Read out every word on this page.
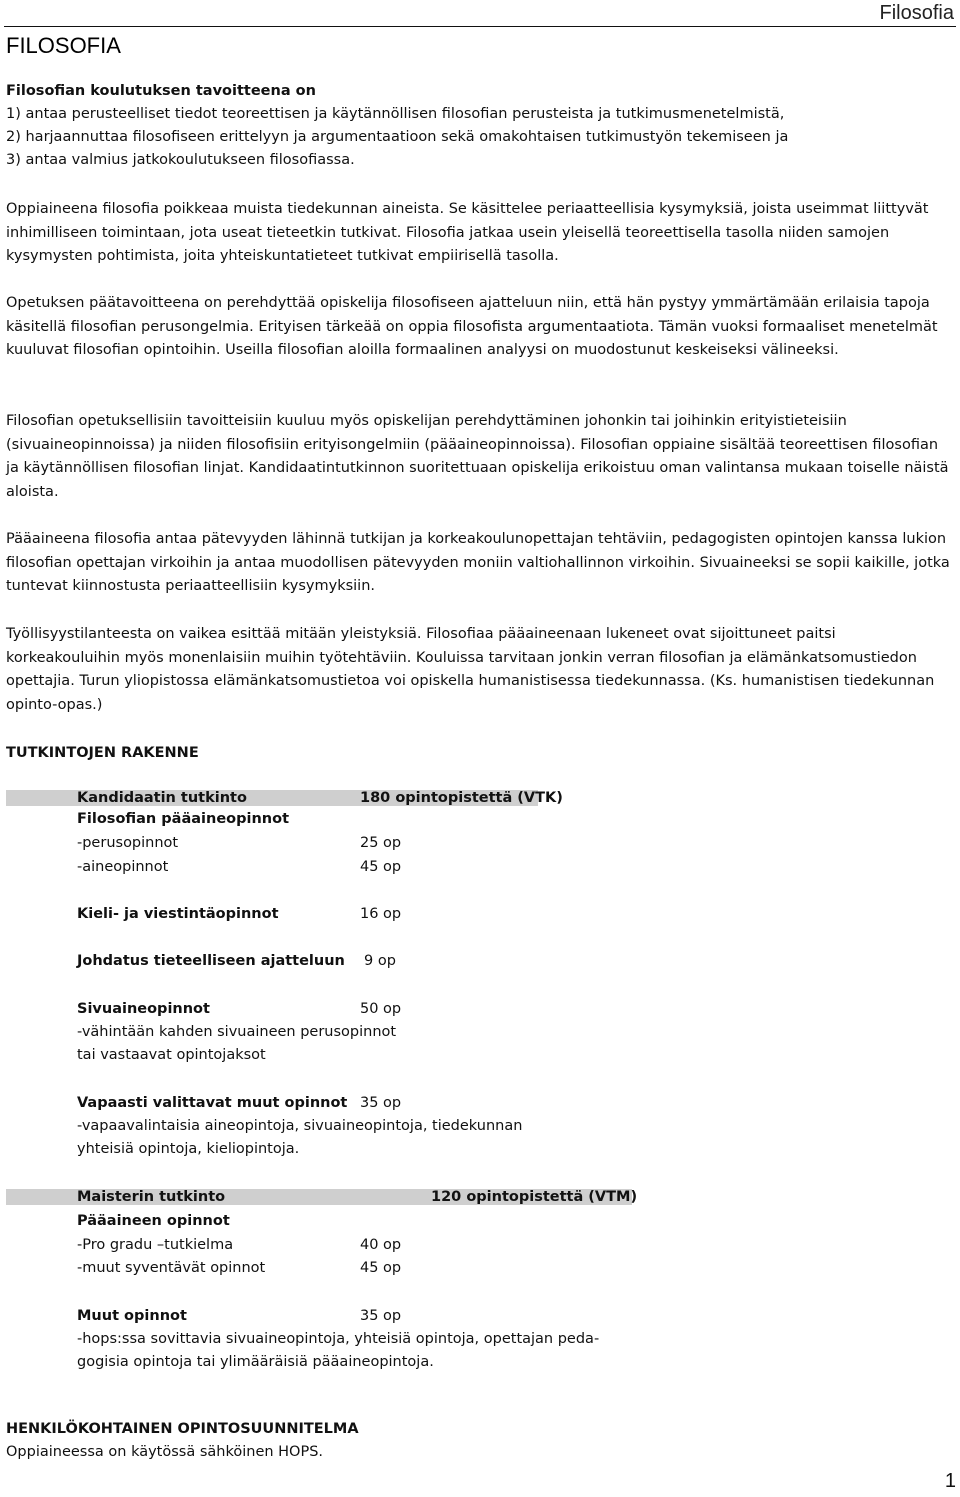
Filosofia
FILOSOFIA
Filosofian koulutuksen tavoitteena on
1) antaa perusteelliset tiedot teoreettisen ja käytännöllisen filosofian perusteista ja tutkimusmenetelmistä,
2) harjaannuttaa filosofiseen erittelyyn ja argumentaatioon sekä omakohtaisen tutkimustyön tekemiseen ja
3) antaa valmius jatkokoulutukseen filosofiassa.

Oppiaineena filosofia poikkeaa muista tiedekunnan aineista. Se käsittelee periaatteellisia kysymyksiä, joista useimmat liittyvät inhimilliseen toimintaan, jota useat tieteetkin tutkivat. Filosofia jatkaa usein yleisellä teoreettisella tasolla niiden samojen kysymysten pohtimista, joita yhteiskuntatieteet tutkivat empiirisellä tasolla.

Opetuksen päätavoitteena on perehdyttää opiskelija filosofiseen ajatteluun niin, että hän pystyy ymmärtämään erilaisia tapoja käsitellä filosofian perusongelmia. Erityisen tärkeää on oppia filosofista argumentaatiota. Tämän vuoksi formaaliset menetelmät kuuluvat filosofian opintoihin. Useilla filosofian aloilla formaalinen analyysi on muodostunut keskeiseksi välineeksi.

Filosofian opetuksellisiin tavoitteisiin kuuluu myös opiskelijan perehdyttäminen johonkin tai joihinkin erityistieteisiin (sivuaineopinnoissa) ja niiden filosofisiin erityisongelmiin (pääaineopinnoissa). Filosofian oppiaine sisältää teoreettisen filosofian ja käytännöllisen filosofian linjat. Kandidaatintutkinnon suoritettuaan opiskelija erikoistuu oman valintansa mukaan toiselle näistä aloista.

Pääaineena filosofia antaa pätevyyden lähinnä tutkijan ja korkeakoulunopettajan tehtäviin, pedagogisten opintojen kanssa lukion filosofian opettajan virkoihin ja antaa muodollisen pätevyyden moniin valtiohallinnon virkoihin. Sivuaineeksi se sopii kaikille, jotka tuntevat kiinnostusta periaatteellisiin kysymyksiin.

Työllisyystilanteesta on vaikea esittää mitään yleistyksiä. Filosofiaa pääaineenaan lukeneet ovat sijoittuneet paitsi korkeakouluihin myös monenlaisiin muihin työtehtäviin. Kouluissa tarvitaan jonkin verran filosofian ja elämänkatsomustiedon opettajia. Turun yliopistossa elämänkatsomustietoa voi opiskella humanistisessa tiedekunnassa. (Ks. humanistisen tiedekunnan opinto-opas.)

TUTKINTOJEN RAKENNE
Kandidaatin tutkinto	180 opintopistettä (VTK)
Filosofian pääaineopinnot
-perusopinnot	25 op
-aineopinnot	45 op
Kieli- ja viestintäopinnot	16 op
Johdatus tieteelliseen ajatteluun 9 op
Sivuaineopinnot	50 op
-vähintään kahden sivuaineen perusopinnot
tai vastaavat opintojaksot
Vapaasti valittavat muut opinnot 35 op
-vapaavalintaisia aineopintoja, sivuaineopintoja, tiedekunnan
yhteisiä opintoja, kieliopintoja.
Maisterin tutkinto	120 opintopistettä (VTM)
Pääaineen opinnot
-Pro gradu –tutkielma	40 op
-muut syventävät opinnot	45 op
Muut opinnot	35 op
-hops:ssa sovittavia sivuaineopintoja, yhteisiä opintoja, opettajan peda-
gogisia opintoja tai ylimääräisiä pääaineopintoja.
HENKILÖKOHTAINEN OPINTOSUUNNITELMA
Oppiaineessa on käytössä sähköinen HOPS.
1
